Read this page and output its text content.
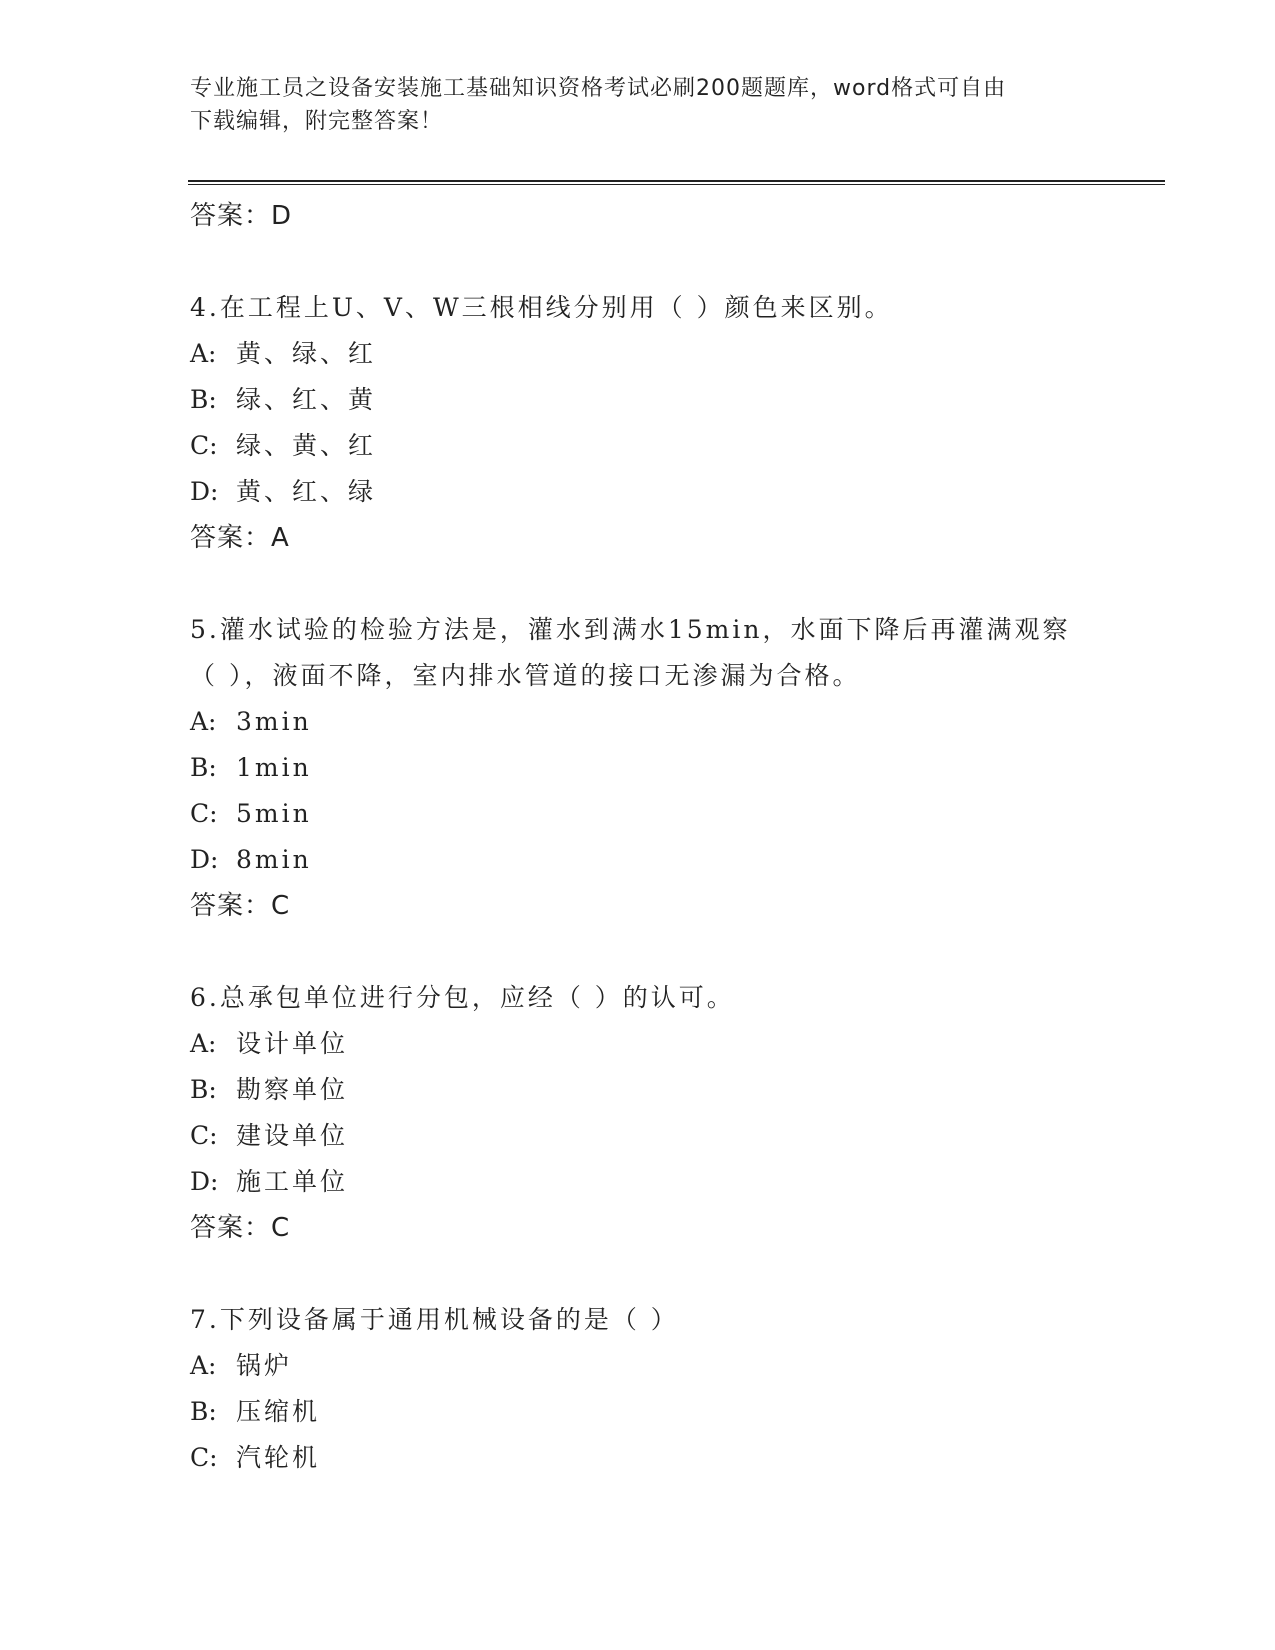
专业施工员之设备安装施工基础知识资格考试必刷200题题库，word格式可自由
下载编辑，附完整答案！
答案：D
4.在工程上U、V、W三根相线分别用（ ）颜色来区别。
A: 黄、绿、红
B: 绿、红、黄
C: 绿、黄、红
D: 黄、红、绿
答案：A
5.灌水试验的检验方法是，灌水到满水15min，水面下降后再灌满观察
（ ），液面不降，室内排水管道的接口无渗漏为合格。
A: 3min
B: 1min
C: 5min
D: 8min
答案：C
6.总承包单位进行分包，应经（ ）的认可。
A: 设计单位
B: 勘察单位
C: 建设单位
D: 施工单位
答案：C
7.下列设备属于通用机械设备的是（ ）
A: 锅炉
B: 压缩机
C: 汽轮机
